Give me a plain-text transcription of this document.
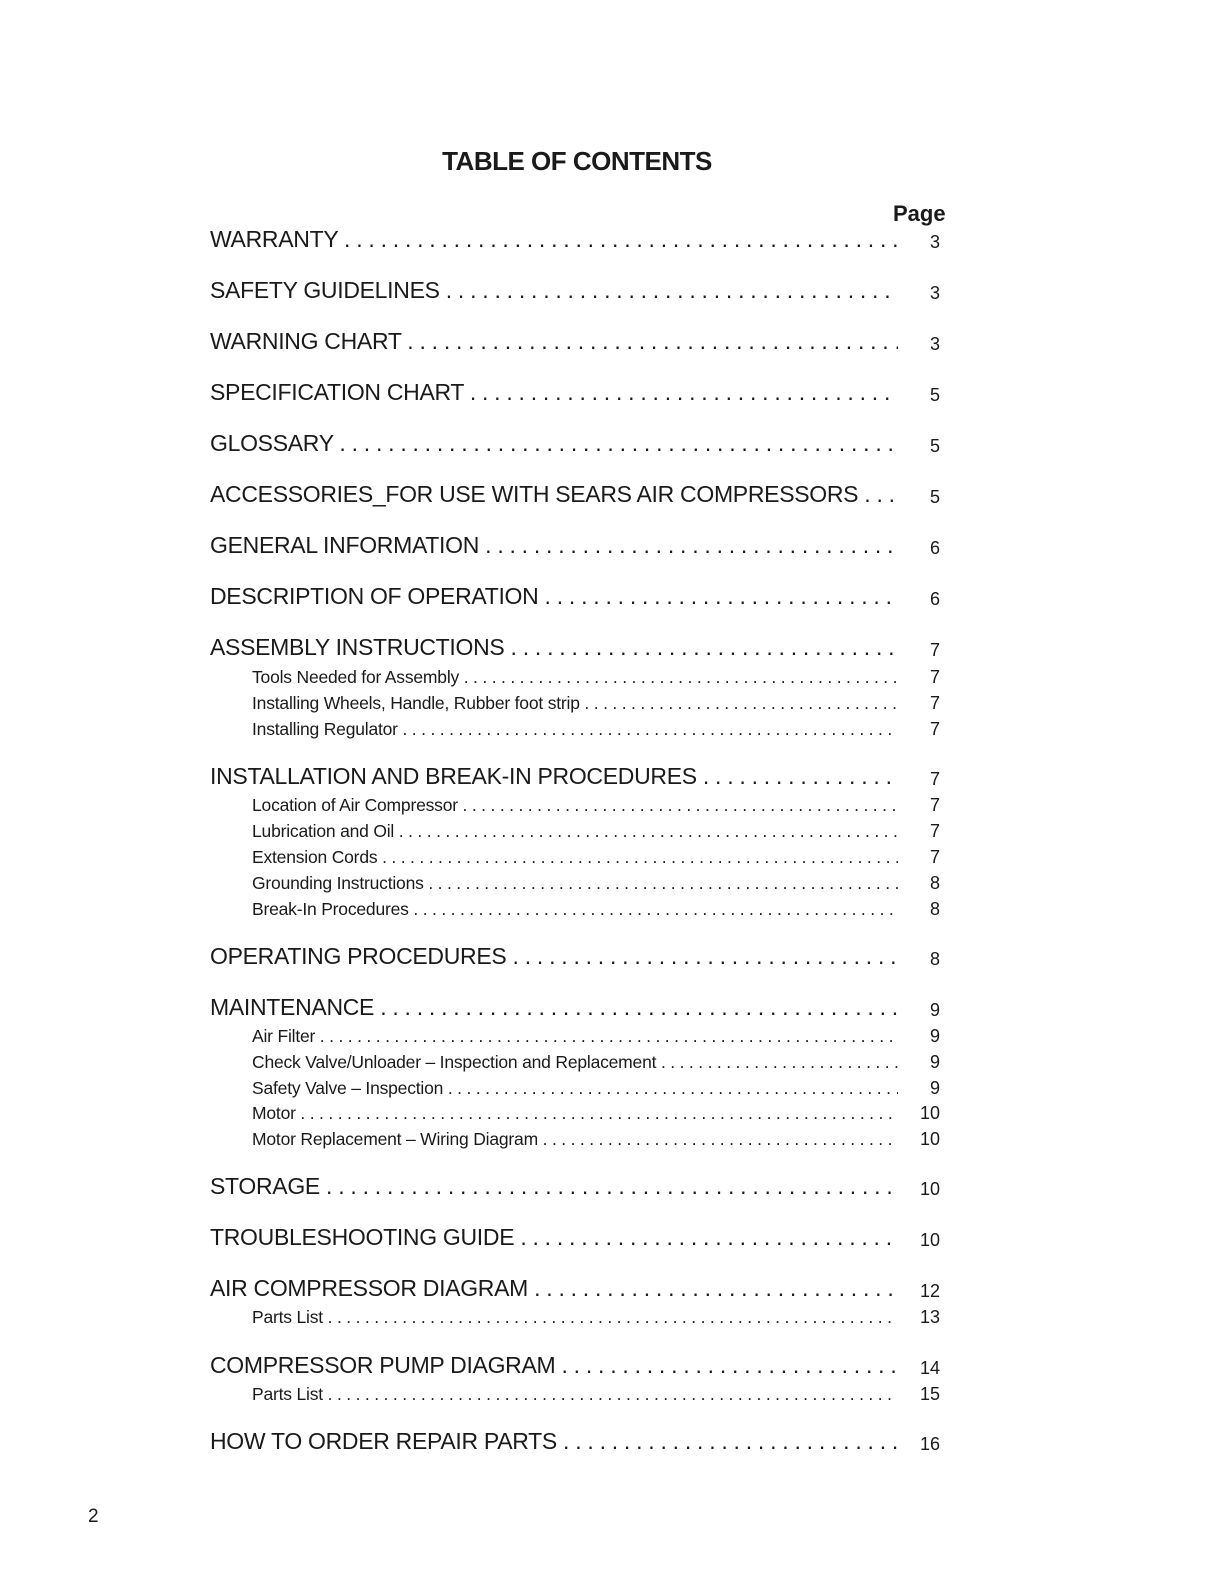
TABLE OF CONTENTS
Page
WARRANTY . . .	3
SAFETY GUIDELINES . . .	3
WARNING CHART . . .	3
SPECIFICATION CHART . . .	5
GLOSSARY . . .	5
ACCESSORIES_FOR USE WITH SEARS AIR COMPRESSORS . . .	5
GENERAL INFORMATION . . .	6
DESCRIPTION OF OPERATION . . .	6
ASSEMBLY INSTRUCTIONS . . .	7
Tools Needed for Assembly . . .	7
Installing Wheels, Handle, Rubber foot strip . . .	7
Installing Regulator . . .	7
INSTALLATION AND BREAK-IN PROCEDURES . . .	7
Location of Air Compressor . . .	7
Lubrication and Oil . . .	7
Extension Cords . . .	7
Grounding Instructions . . .	8
Break-In Procedures . . .	8
OPERATING PROCEDURES . . .	8
MAINTENANCE . . .	9
Air Filter . . .	9
Check Valve/Unloader – Inspection and Replacement . . .	9
Safety Valve – Inspection . . .	9
Motor . . .	10
Motor Replacement – Wiring Diagram . . .	10
STORAGE . . .	10
TROUBLESHOOTING GUIDE . . .	10
AIR COMPRESSOR DIAGRAM . . .	12
Parts List . . .	13
COMPRESSOR PUMP DIAGRAM . . .	14
Parts List . . .	15
HOW TO ORDER REPAIR PARTS . . .	16
2
